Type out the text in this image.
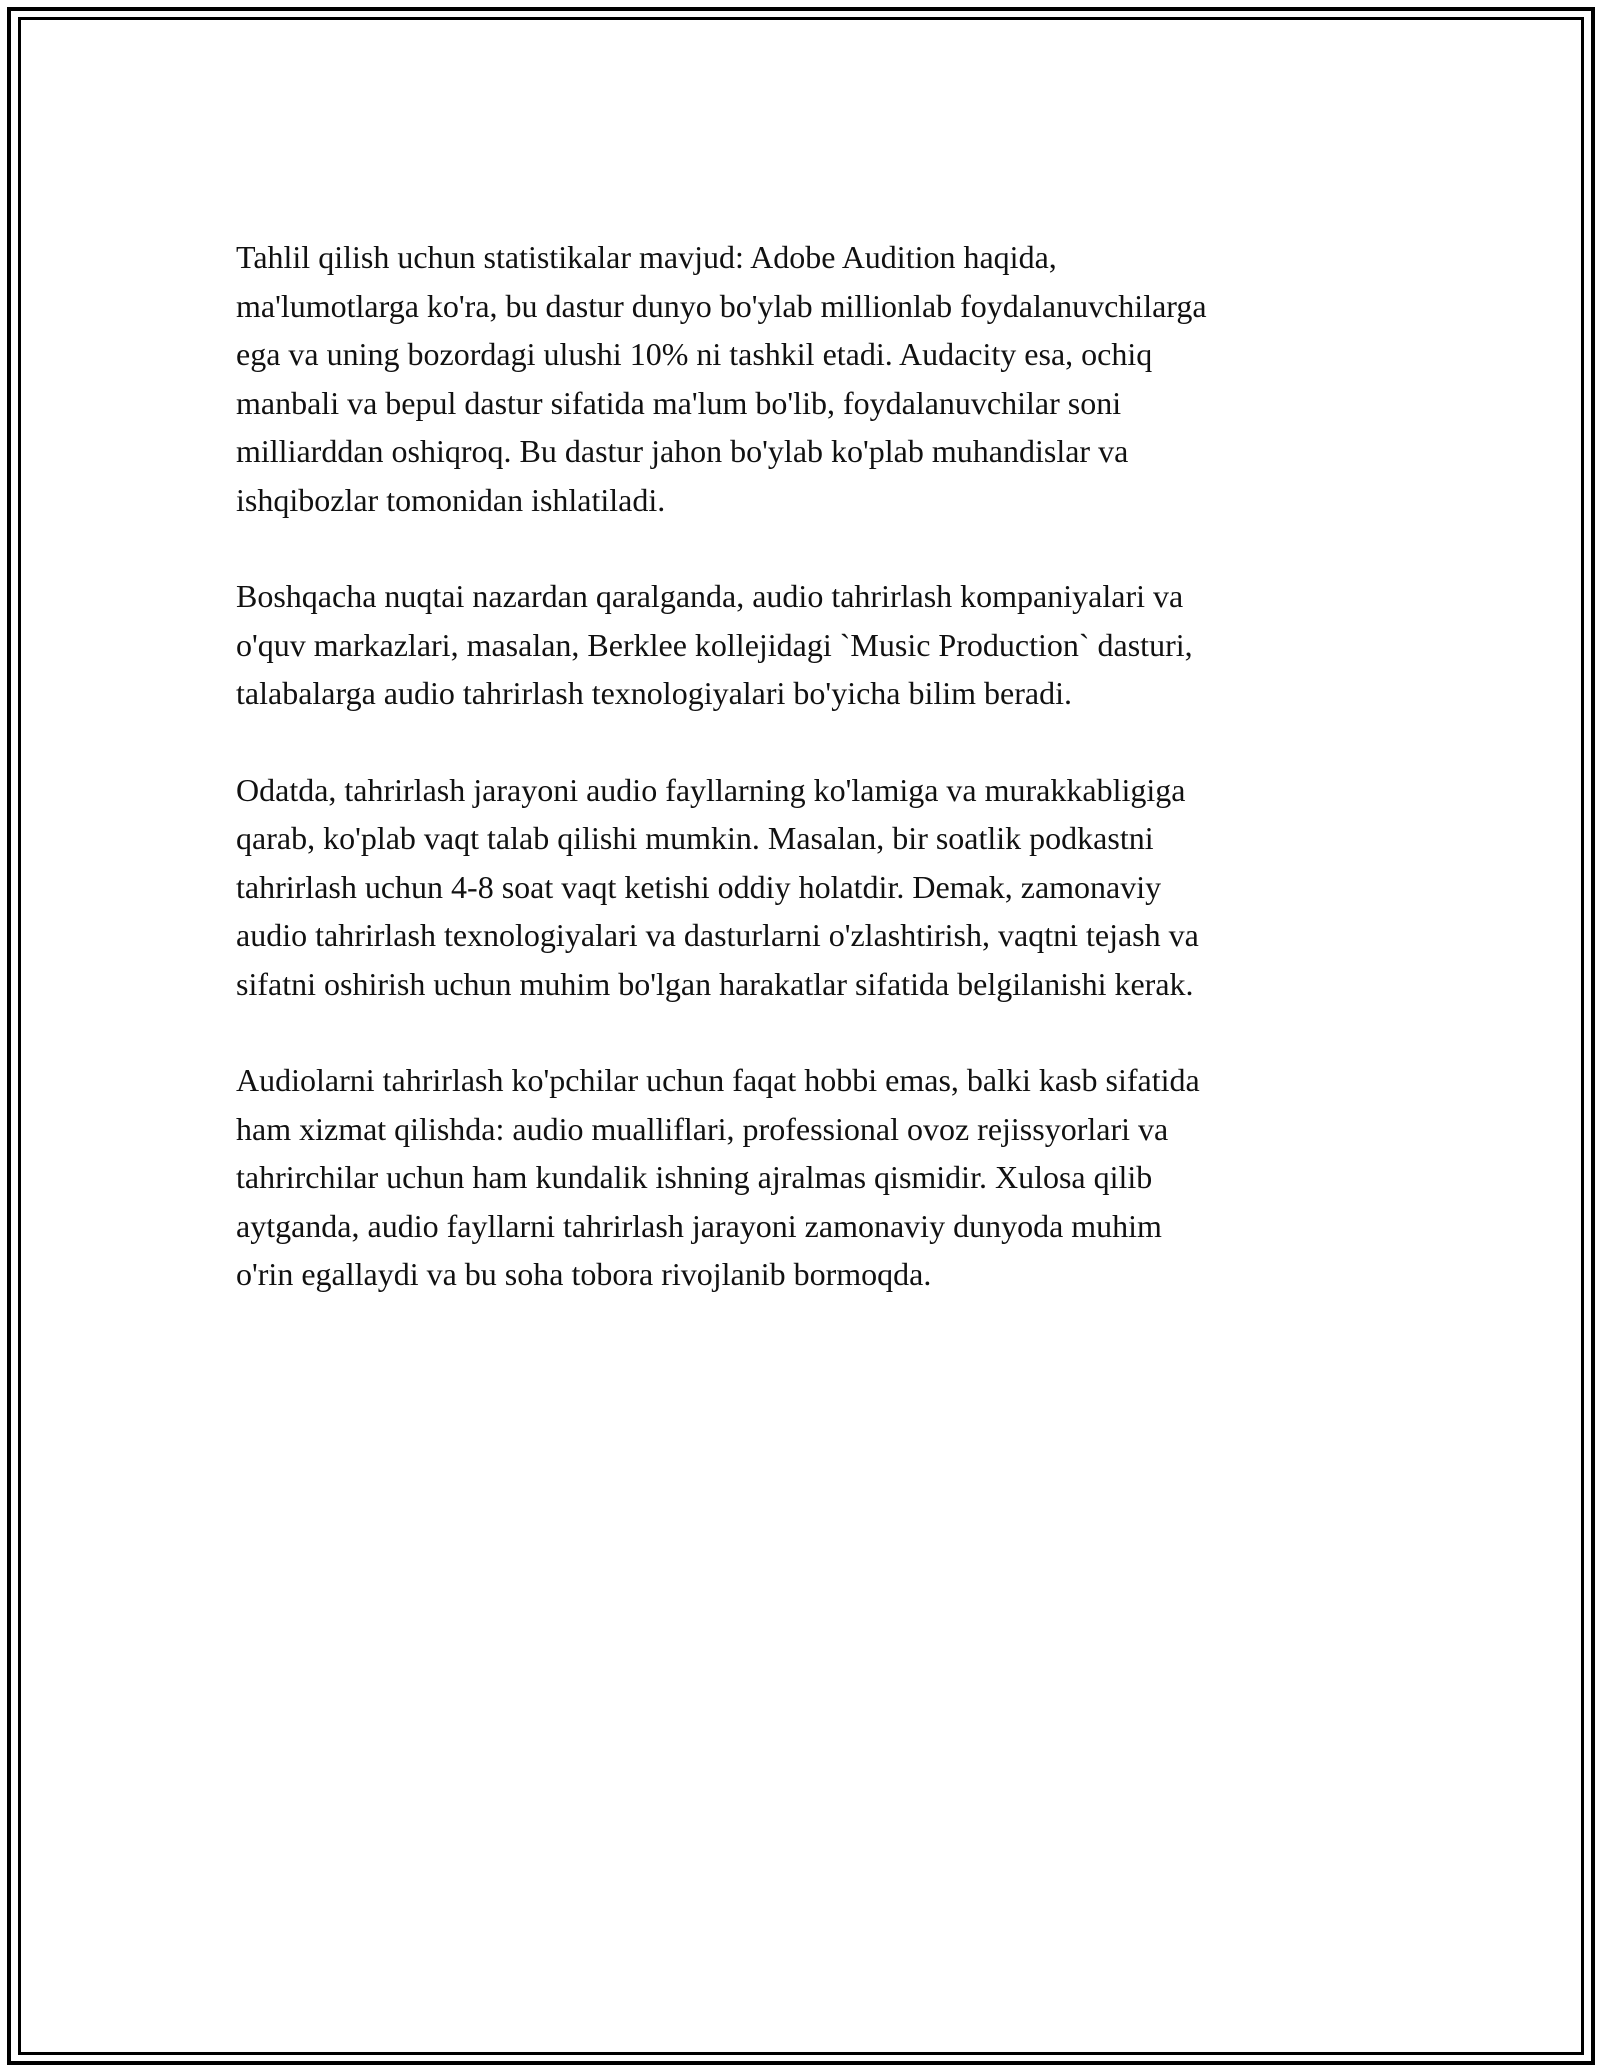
Tahlil qilish uchun statistikalar mavjud: Adobe Audition haqida,
ma'lumotlarga ko'ra, bu dastur dunyo bo'ylab millionlab foydalanuvchilarga
ega va uning bozordagi ulushi 10% ni tashkil etadi. Audacity esa, ochiq
manbali va bepul dastur sifatida ma'lum bo'lib, foydalanuvchilar soni
milliarddan oshiqroq. Bu dastur jahon bo'ylab ko'plab muhandislar va
ishqibozlar tomonidan ishlatiladi.

Boshqacha nuqtai nazardan qaralganda, audio tahrirlash kompaniyalari va
o'quv markazlari, masalan, Berklee kollejidagi `Music Production` dasturi,
talabalarga audio tahrirlash texnologiyalari bo'yicha bilim beradi.

Odatda, tahrirlash jarayoni audio fayllarning ko'lamiga va murakkabligiga
qarab, ko'plab vaqt talab qilishi mumkin. Masalan, bir soatlik podkastni
tahrirlash uchun 4-8 soat vaqt ketishi oddiy holatdir. Demak, zamonaviy
audio tahrirlash texnologiyalari va dasturlarni o'zlashtirish, vaqtni tejash va
sifatni oshirish uchun muhim bo'lgan harakatlar sifatida belgilanishi kerak.

Audiolarni tahrirlash ko'pchilar uchun faqat hobbi emas, balki kasb sifatida
ham xizmat qilishda: audio mualliflari, professional ovoz rejissyorlari va
tahrirchilar uchun ham kundalik ishning ajralmas qismidir. Xulosa qilib
aytganda, audio fayllarni tahrirlash jarayoni zamonaviy dunyoda muhim
o'rin egallaydi va bu soha tobora rivojlanib bormoqda.
